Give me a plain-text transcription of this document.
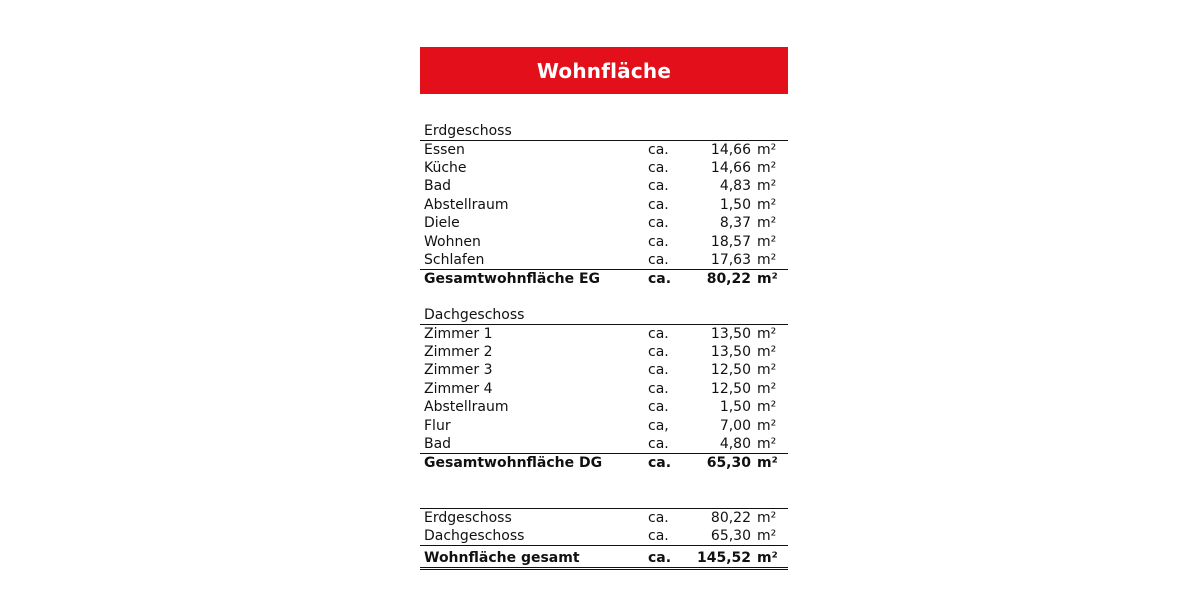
Wohnfläche
Erdgeschoss
Essen	ca.	14,66 m²
Küche	ca.	14,66 m²
Bad	ca.	4,83 m²
Abstellraum	ca.	1,50 m²
Diele	ca.	8,37 m²
Wohnen	ca.	18,57 m²
Schlafen	ca.	17,63 m²
Gesamtwohnfläche EG	ca.	80,22 m²
Dachgeschoss
Zimmer 1	ca.	13,50 m²
Zimmer 2	ca.	13,50 m²
Zimmer 3	ca.	12,50 m²
Zimmer 4	ca.	12,50 m²
Abstellraum	ca.	1,50 m²
Flur	ca,	7,00 m²
Bad	ca.	4,80 m²
Gesamtwohnfläche DG	ca.	65,30 m²
Erdgeschoss	ca.	80,22 m²
Dachgeschoss	ca.	65,30 m²
Wohnfläche gesamt	ca. 145,52 m²
